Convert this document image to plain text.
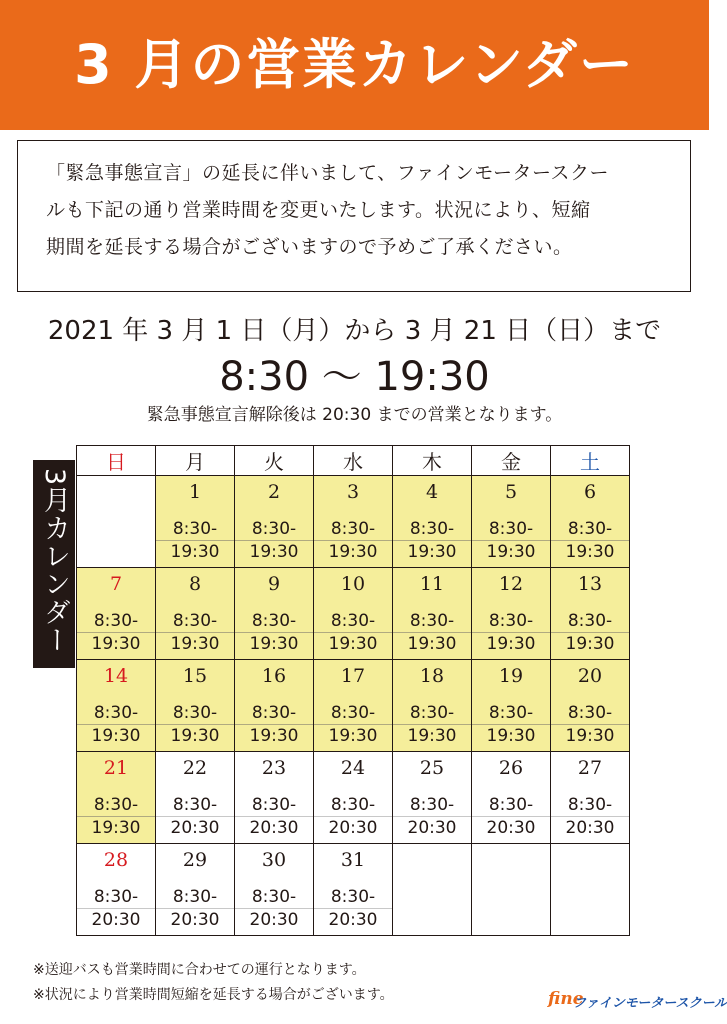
3 月の営業カレンダー

「緊急事態宣言」の延長に伴いまして、ファインモータースクー

ルも下記の通り営業時間を変更いたします。状況により、短縮

期間を延長する場合がございますので予めご了承ください。

2021 年 3 月 1 日（月）から 3 月 21 日（日）まで
8:30 ～ 19:30
緊急事態宣言解除後は 20:30 までの営業となります。
3月カレンダー
日	月	火	水	木	金	土

	1
8:30-
19:30	2
8:30-
19:30	3
8:30-
19:30	4
8:30-
19:30	5
8:30-
19:30	6
8:30-
19:30

7
8:30-
19:30	8
8:30-
19:30	9
8:30-
19:30	10
8:30-
19:30	11
8:30-
19:30	12
8:30-
19:30	13
8:30-
19:30

14
8:30-
19:30	15
8:30-
19:30	16
8:30-
19:30	17
8:30-
19:30	18
8:30-
19:30	19
8:30-
19:30	20
8:30-
19:30

21
8:30-
19:30	22
8:30-
20:30	23
8:30-
20:30	24
8:30-
20:30	25
8:30-
20:30	26
8:30-
20:30	27
8:30-
20:30

28
8:30-
20:30	29
8:30-
20:30	30
8:30-
20:30	31
8:30-
20:30			

※送迎バスも営業時間に合わせての運行となります。
※状況により営業時間短縮を延長する場合がございます。	fine
ファインモータースクール
